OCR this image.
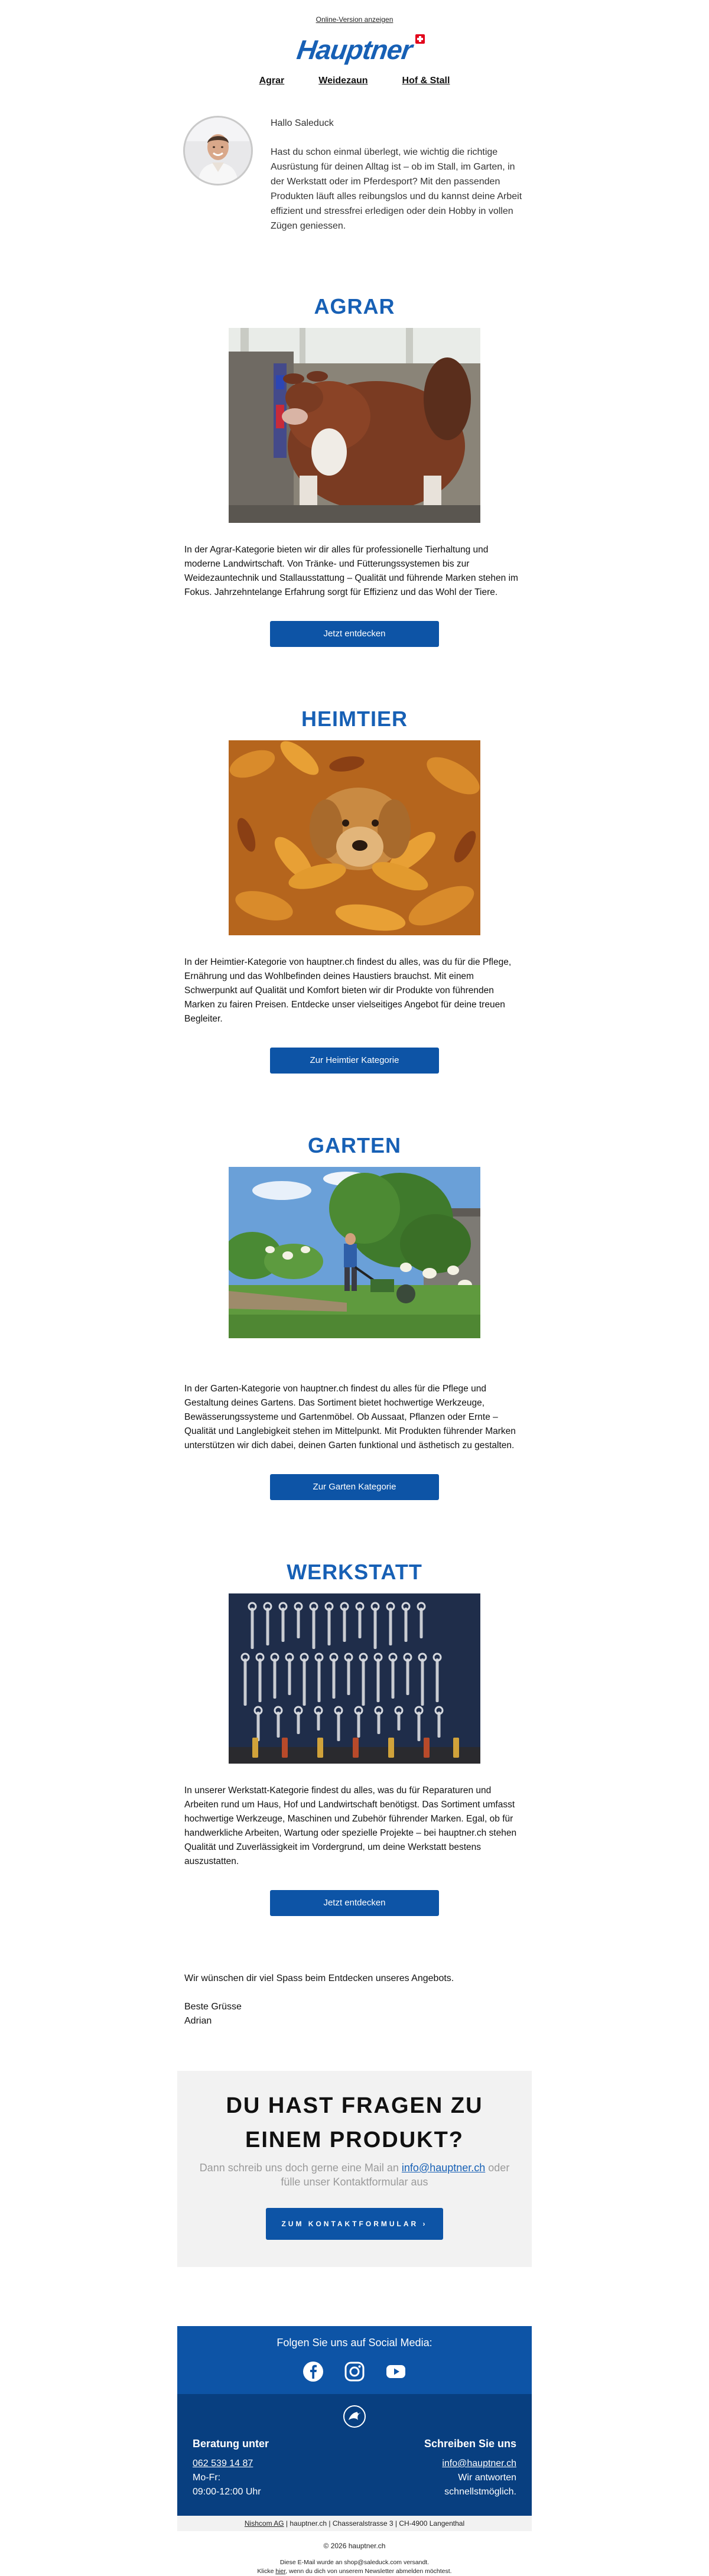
Online-Version anzeigen
Hauptner
Agrar	Weidezaun	Hof & Stall

Hallo Saleduck

Hast du schon einmal überlegt, wie wichtig die richtige Ausrüstung für deinen Alltag ist – ob im Stall, im Garten, in der Werkstatt oder im Pferdesport? Mit den passenden Produkten läuft alles reibungslos und du kannst deine Arbeit effizient und stressfrei erledigen oder dein Hobby in vollen Zügen geniessen.

AGRAR

In der Agrar-Kategorie bieten wir dir alles für professionelle Tierhaltung und moderne Landwirtschaft. Von Tränke- und Fütterungssystemen bis zur Weidezauntechnik und Stallausstattung – Qualität und führende Marken stehen im Fokus. Jahrzehntelange Erfahrung sorgt für Effizienz und das Wohl der Tiere.

Jetzt entdecken
HEIMTIER

In der Heimtier-Kategorie von hauptner.ch findest du alles, was du für die Pflege, Ernährung und das Wohlbefinden deines Haustiers brauchst. Mit einem Schwerpunkt auf Qualität und Komfort bieten wir dir Produkte von führenden Marken zu fairen Preisen. Entdecke unser vielseitiges Angebot für deine treuen Begleiter.

Zur Heimtier Kategorie
GARTEN

In der Garten-Kategorie von hauptner.ch findest du alles für die Pflege und Gestaltung deines Gartens. Das Sortiment bietet hochwertige Werkzeuge, Bewässerungssysteme und Gartenmöbel. Ob Aussaat, Pflanzen oder Ernte – Qualität und Langlebigkeit stehen im Mittelpunkt. Mit Produkten führender Marken unterstützen wir dich dabei, deinen Garten funktional und ästhetisch zu gestalten.

Zur Garten Kategorie
WERKSTATT

In unserer Werkstatt-Kategorie findest du alles, was du für Reparaturen und Arbeiten rund um Haus, Hof und Landwirtschaft benötigst. Das Sortiment umfasst hochwertige Werkzeuge, Maschinen und Zubehör führender Marken. Egal, ob für handwerkliche Arbeiten, Wartung oder spezielle Projekte – bei hauptner.ch stehen Qualität und Zuverlässigkeit im Vordergrund, um deine Werkstatt bestens auszustatten.

Jetzt entdecken

Wir wünschen dir viel Spass beim Entdecken unseres Angebots.

Beste Grüsse

Adrian

DU HAST FRAGEN ZU EINEM PRODUKT?

Dann schreib uns doch gerne eine Mail an info@hauptner.ch oder fülle unser Kontaktformular aus

ZUM KONTAKTFORMULAR ›

Folgen Sie uns auf Social Media:

Beratung unter
062 539 14 87

Mo-Fr:

09:00-12:00 Uhr

Schreiben Sie uns
info@hauptner.ch

Wir antworten

schnellstmöglich.

Nishcom AG | hauptner.ch | Chasseralstrasse 3 | CH-4900 Langenthal

© 2026 hauptner.ch

Diese E-Mail wurde an shop@saleduck.com versandt.

Klicke hier, wenn du dich von unserem Newsletter abmelden möchtest.
